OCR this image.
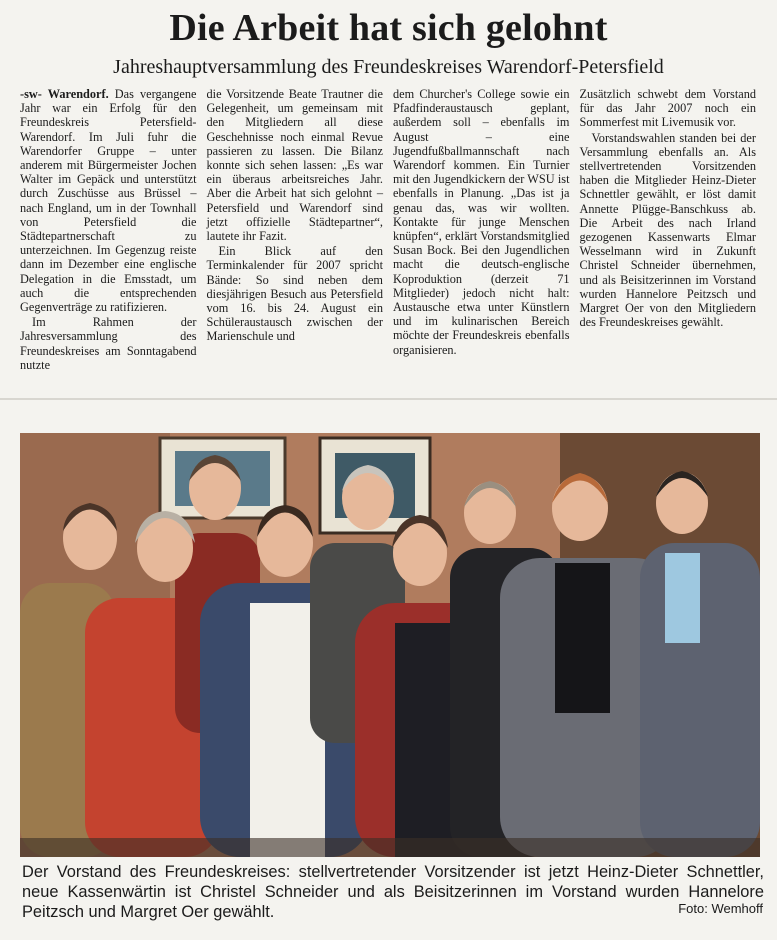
Die Arbeit hat sich gelohnt
Jahreshauptversammlung des Freundeskreises Warendorf-Petersfield

-sw- Warendorf. Das vergangene Jahr war ein Erfolg für den Freundeskreis Petersfield-Warendorf. Im Juli fuhr die Warendorfer Gruppe – unter anderem mit Bürgermeister Jochen Walter im Gepäck und unterstützt durch Zuschüsse aus Brüssel – nach England, um in der Townhall von Petersfield die Städtepartnerschaft zu unterzeichnen. Im Gegenzug reiste dann im Dezember eine englische Delegation in die Emsstadt, um auch die entsprechenden Gegenverträge zu ratifizieren.

Im Rahmen der Jahresversammlung des Freundeskreises am Sonntagabend nutzte

die Vorsitzende Beate Trautner die Gelegenheit, um gemeinsam mit den Mitgliedern all diese Geschehnisse noch einmal Revue passieren zu lassen. Die Bilanz konnte sich sehen lassen: „Es war ein überaus arbeitsreiches Jahr. Aber die Arbeit hat sich gelohnt – Petersfield und Warendorf sind jetzt offizielle Städtepartner“, lautete ihr Fazit.

Ein Blick auf den Terminkalender für 2007 spricht Bände: So sind neben dem diesjährigen Besuch aus Petersfield vom 16. bis 24. August ein Schüleraustausch zwischen der Marienschule und

dem Churcher's College sowie ein Pfadfinderaustausch geplant, außerdem soll – ebenfalls im August – eine Jugendfußballmannschaft nach Warendorf kommen. Ein Turnier mit den Jugendkickern der WSU ist ebenfalls in Planung. „Das ist ja genau das, was wir wollten. Kontakte für junge Menschen knüpfen“, erklärt Vorstandsmitglied Susan Bock. Bei den Jugendlichen macht die deutsch-englische Koproduktion (derzeit 71 Mitglieder) jedoch nicht halt: Austausche etwa unter Künstlern und im kulinarischen Bereich möchte der Freundeskreis ebenfalls organisieren.

Zusätzlich schwebt dem Vorstand für das Jahr 2007 noch ein Sommerfest mit Livemusik vor.

Vorstandswahlen standen bei der Versammlung ebenfalls an. Als stellvertretenden Vorsitzenden haben die Mitglieder Heinz-Dieter Schnettler gewählt, er löst damit Annette Plügge-Banschkuss ab. Die Arbeit des nach Irland gezogenen Kassenwarts Elmar Wesselmann wird in Zukunft Christel Schneider übernehmen, und als Beisitzerinnen im Vorstand wurden Hannelore Peitzsch und Margret Oer von den Mitgliedern des Freundeskreises gewählt.

Der Vorstand des Freundeskreises: stellvertretender Vorsitzender ist jetzt Heinz-Dieter Schnettler, neue Kassenwärtin ist Christel Schneider und als Beisitzerinnen im Vorstand wurden Hannelore Peitzsch und Margret Oer gewählt.	Foto: Wemhoff
